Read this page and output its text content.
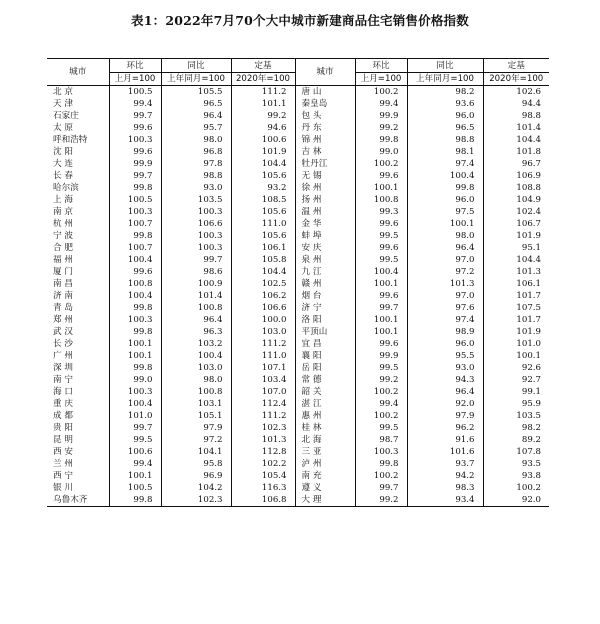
表1：2022年7月70个大中城市新建商品住宅销售价格指数
城市	环比	同比	定基	城市	环比	同比	定基
	上月=100	上年同月=100	2020年=100		上月=100	上年同月=100	2020年=100
北 京	100.5	105.5	111.2	唐 山	100.2	98.2	102.6
天 津	99.4	96.5	101.1	秦皇岛	99.4	93.6	94.4
石家庄	99.7	96.4	99.2	包 头	99.9	96.0	98.8
太 原	99.6	95.7	94.6	丹 东	99.2	96.5	101.4
呼和浩特	100.3	98.0	100.6	锦 州	99.8	98.8	104.4
沈 阳	99.6	96.8	101.9	吉 林	99.0	98.1	101.8
大 连	99.9	97.8	104.4	牡丹江	100.2	97.4	96.7
长 春	99.7	98.8	105.6	无 锡	99.6	100.4	106.9
哈尔滨	99.8	93.0	93.2	徐 州	100.1	99.8	108.8
上 海	100.5	103.5	108.5	扬 州	100.8	96.0	104.9
南 京	100.3	100.3	105.6	温 州	99.3	97.5	102.4
杭 州	100.7	106.6	111.0	金 华	99.6	100.1	106.7
宁 波	99.8	100.3	105.6	蚌 埠	99.5	98.0	101.9
合 肥	100.7	100.3	106.1	安 庆	99.6	96.4	95.1
福 州	100.4	99.7	105.8	泉 州	99.5	97.0	104.4
厦 门	99.6	98.6	104.4	九 江	100.4	97.2	101.3
南 昌	100.8	100.9	102.5	赣 州	100.1	101.3	106.1
济 南	100.4	101.4	106.2	烟 台	99.6	97.0	101.7
青 岛	99.8	100.8	106.6	济 宁	99.7	97.6	107.5
郑 州	100.3	96.4	100.0	洛 阳	100.1	97.4	101.7
武 汉	99.8	96.3	103.0	平顶山	100.1	98.9	101.9
长 沙	100.1	103.2	111.2	宜 昌	99.6	96.0	101.0
广 州	100.1	100.4	111.0	襄 阳	99.9	95.5	100.1
深 圳	99.8	103.0	107.1	岳 阳	99.5	93.0	92.6
南 宁	99.0	98.0	103.4	常 德	99.2	94.3	92.7
海 口	100.3	100.8	107.0	韶 关	100.2	96.4	99.1
重 庆	100.4	103.1	112.4	湛 江	99.4	92.0	95.9
成 都	101.0	105.1	111.2	惠 州	100.2	97.9	103.5
贵 阳	99.7	97.9	102.3	桂 林	99.5	96.2	98.2
昆 明	99.5	97.2	101.3	北 海	98.7	91.6	89.2
西 安	100.6	104.1	112.8	三 亚	100.3	101.6	107.8
兰 州	99.4	95.8	102.2	泸 州	99.8	93.7	93.5
西 宁	100.1	96.9	105.4	南 充	100.2	94.2	93.8
银 川	100.5	104.2	116.3	遵 义	99.7	98.3	100.2
乌鲁木齐	99.8	102.3	106.8	大 理	99.2	93.4	92.0
